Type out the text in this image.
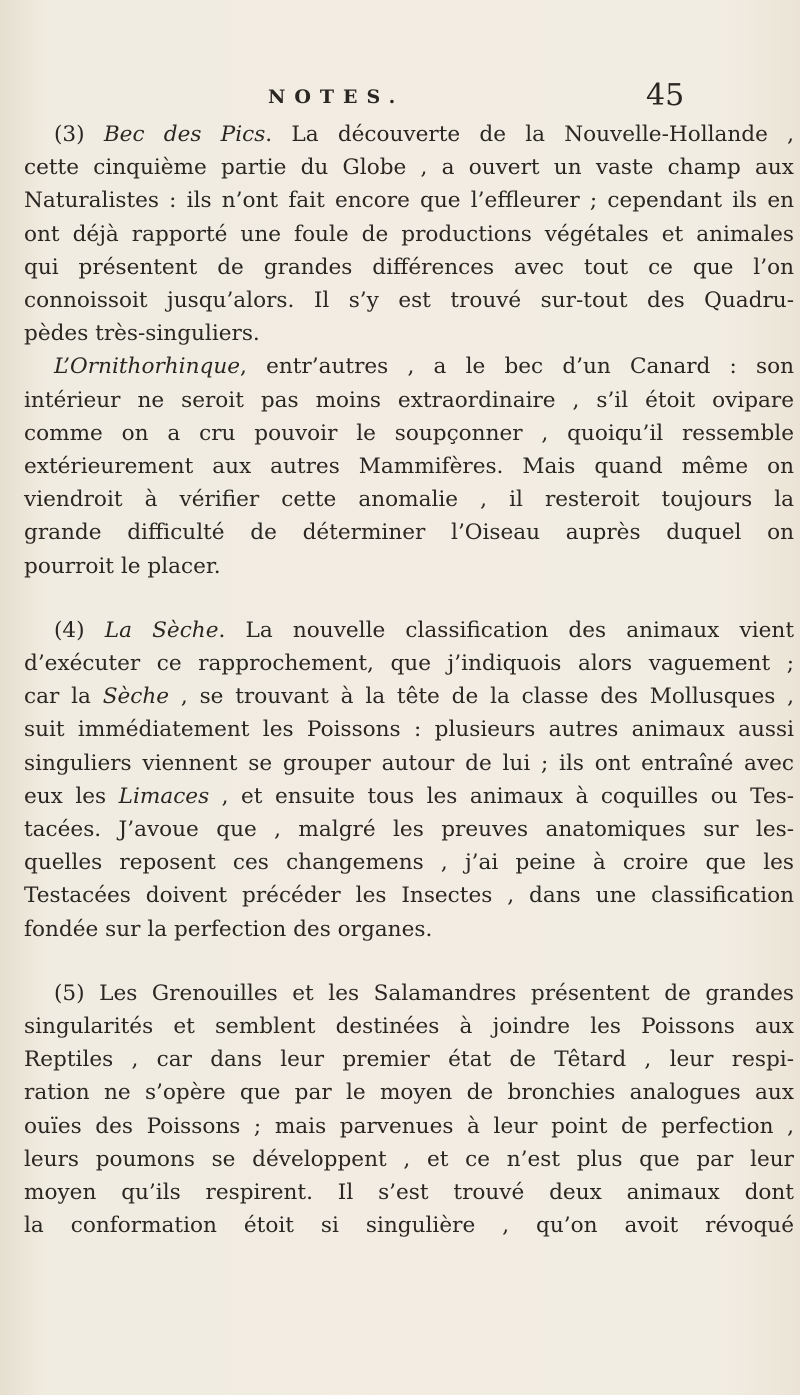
NOTES.	45

(3) Bec des Pics. La découverte de la Nouvelle-Hollande ,
cette cinquième partie du Globe , a ouvert un vaste champ aux
Naturalistes : ils n’ont fait encore que l’effleurer ; cependant ils en
ont déjà rapporté une foule de productions végétales et animales
qui présentent de grandes différences avec tout ce que l’on
connoissoit jusqu’alors. Il s’y est trouvé sur-tout des Quadru-
pèdes très-singuliers.

L’Ornithorhinque, entr’autres , a le bec d’un Canard : son
intérieur ne seroit pas moins extraordinaire , s’il étoit ovipare
comme on a cru pouvoir le soupçonner , quoiqu’il ressemble
extérieurement aux autres Mammifères. Mais quand même on
viendroit à vérifier cette anomalie , il resteroit toujours la
grande difficulté de déterminer l’Oiseau auprès duquel on
pourroit le placer.

(4) La Sèche. La nouvelle classification des animaux vient
d’exécuter ce rapprochement, que j’indiquois alors vaguement ;
car la Sèche , se trouvant à la tête de la classe des Mollusques ,
suit immédiatement les Poissons : plusieurs autres animaux aussi
singuliers viennent se grouper autour de lui ; ils ont entraîné avec
eux les Limaces , et ensuite tous les animaux à coquilles ou Tes-
tacées. J’avoue que , malgré les preuves anatomiques sur les-
quelles reposent ces changemens , j’ai peine à croire que les
Testacées doivent précéder les Insectes , dans une classification
fondée sur la perfection des organes.

(5) Les Grenouilles et les Salamandres présentent de grandes
singularités et semblent destinées à joindre les Poissons aux
Reptiles , car dans leur premier état de Têtard , leur respi-
ration ne s’opère que par le moyen de bronchies analogues aux
ouïes des Poissons ; mais parvenues à leur point de perfection ,
leurs poumons se développent , et ce n’est plus que par leur
moyen qu’ils respirent. Il s’est trouvé deux animaux dont
la conformation étoit si singulière , qu’on avoit révoqué
